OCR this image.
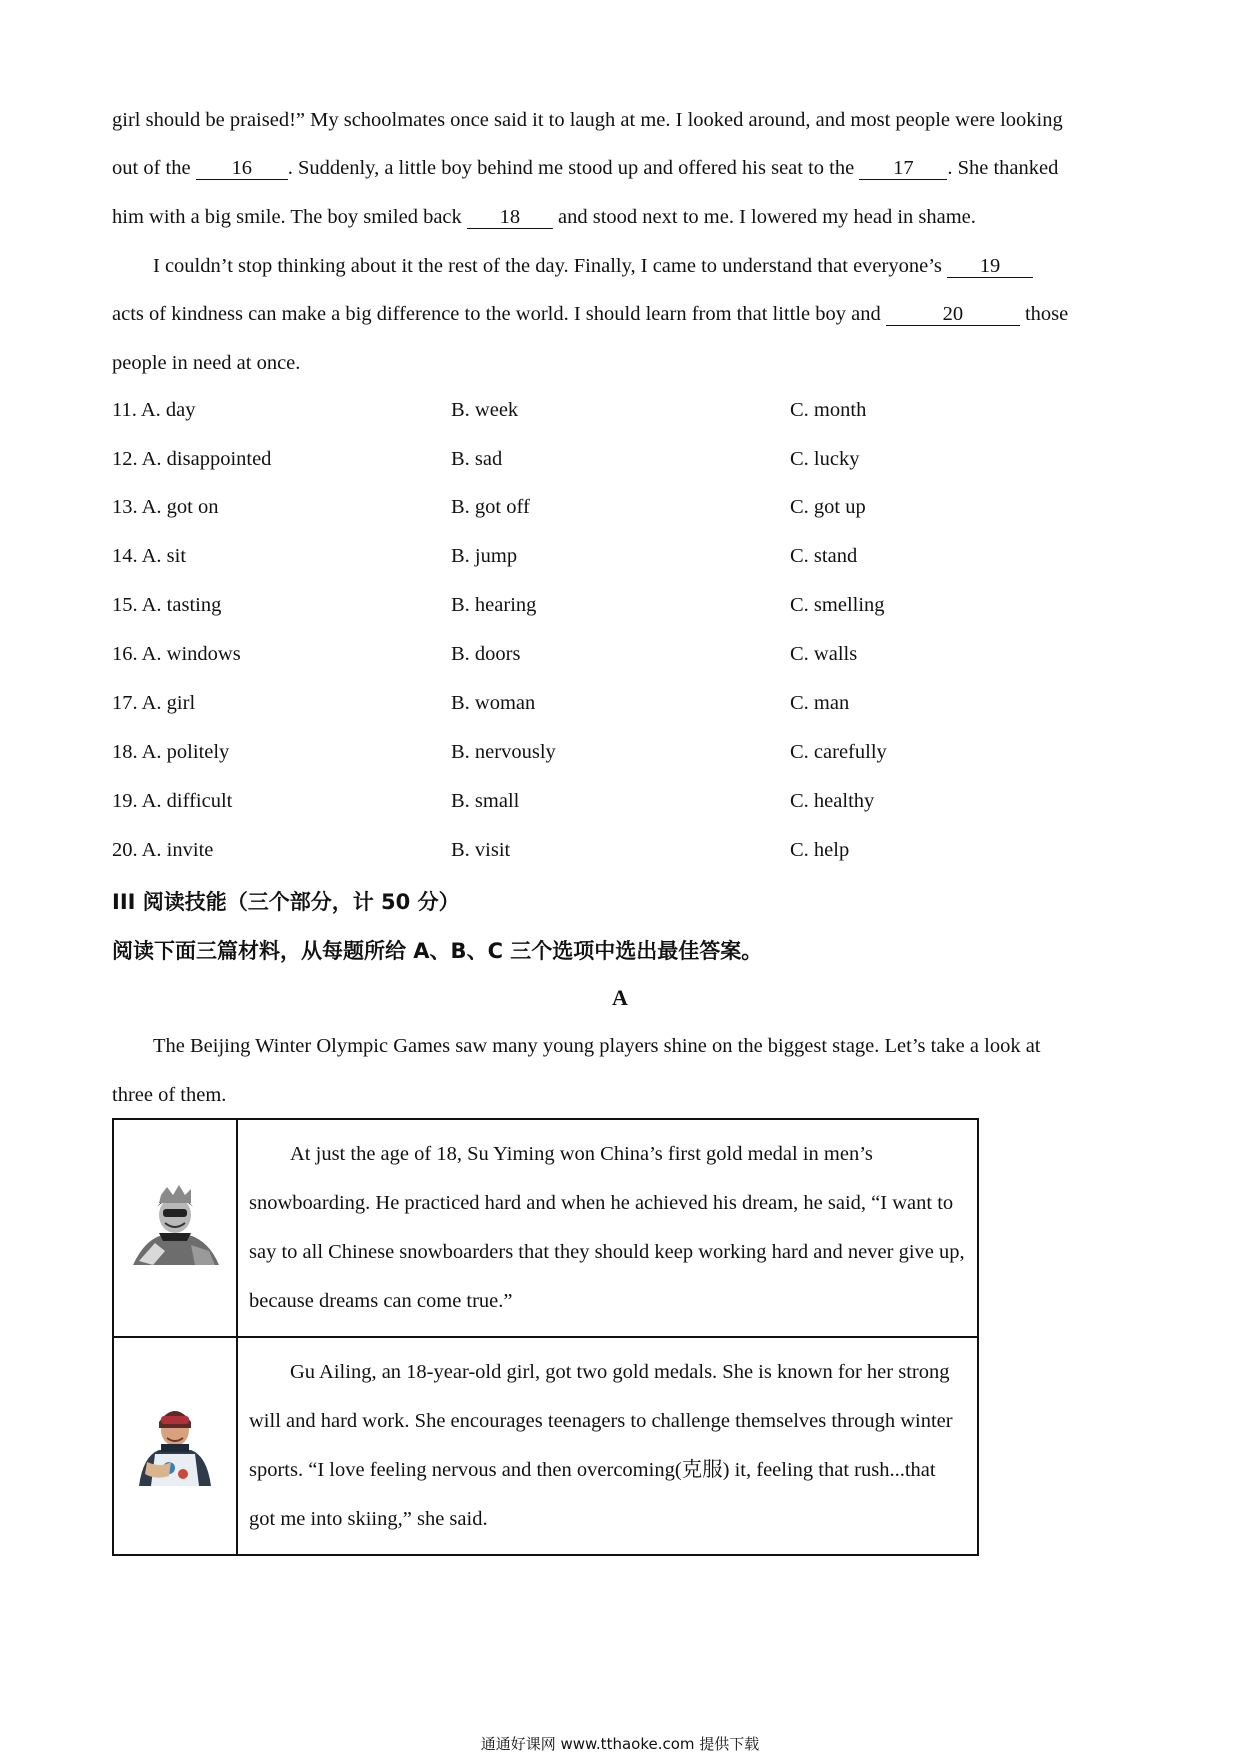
girl should be praised!” My schoolmates once said it to laugh at me. I looked around, and most people were looking
out of the 16 . Suddenly, a little boy behind me stood up and offered his seat to the 17 . She thanked
him with a big smile. The boy smiled back 18 and stood next to me. I lowered my head in shame.
I couldn’t stop thinking about it the rest of the day. Finally, I came to understand that everyone’s 19
acts of kindness can make a big difference to the world. I should learn from that little boy and	20	those
people in need at once.
11. A. day	B. week	C. month
12. A. disappointed	B. sad	C. lucky
13. A. got on	B. got off	C. got up
14. A. sit	B. jump	C. stand
15. A. tasting	B. hearing	C. smelling
16. A. windows	B. doors	C. walls
17. A. girl	B. woman	C. man
18. A. politely	B. nervously	C. carefully
19. A. difficult	B. small	C. healthy
20. A. invite	B. visit	C. help
III 阅读技能（三个部分，计 50 分）
阅读下面三篇材料，从每题所给 A、B、C 三个选项中选出最佳答案。
A
The Beijing Winter Olympic Games saw many young players shine on the biggest stage. Let’s take a look at
three of them.

At just the age of 18, Su Yiming won China’s first gold medal in men’s snowboarding. He practiced hard and when he achieved his dream, he said, “I want to say to all Chinese snowboarders that they should keep working hard and never give up, because dreams can come true.”

Gu Ailing, an 18-year-old girl, got two gold medals. She is known for her strong will and hard work. She encourages teenagers to challenge themselves through winter sports. “I love feeling nervous and then overcoming(克服) it, feeling that rush...that got me into skiing,” she said.
通通好课网 www.tthaoke.com 提供下载
